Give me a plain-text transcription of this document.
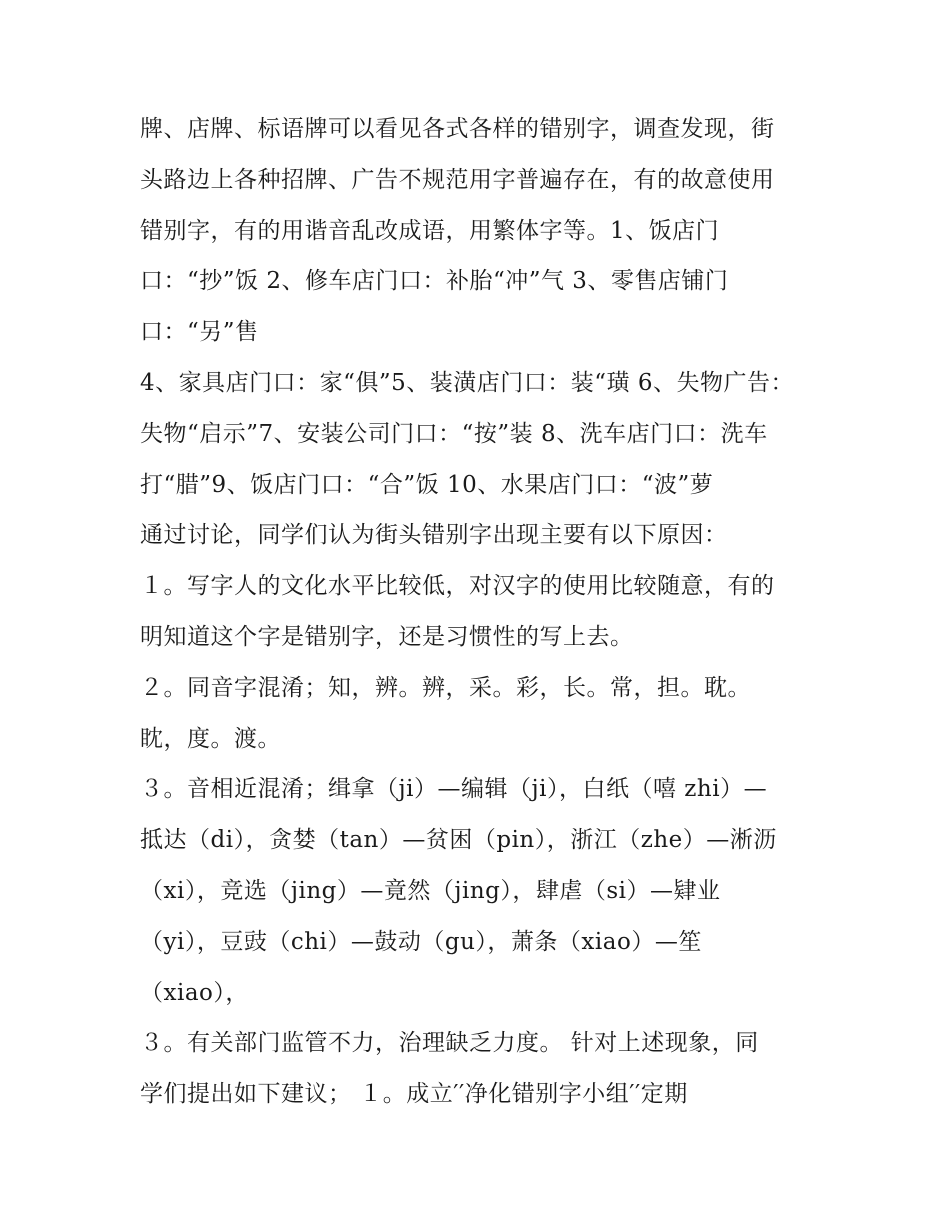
牌、店牌、标语牌可以看见各式各样的错别字，调查发现，街
头路边上各种招牌、广告不规范用字普遍存在，有的故意使用
错别字，有的用谐音乱改成语，用繁体字等。1、饭店门
口：“抄”饭 2、修车店门口：补胎“冲”气 3、零售店铺门
口：“另”售
4、家具店门口：家“俱”5、装潢店门口：装“璜 6、失物广告：
失物“启示”7、安装公司门口：“按”装 8、洗车店门口：洗车
打“腊”9、饭店门口：“合”饭 10、水果店门口：“波”萝
通过讨论，同学们认为街头错别字出现主要有以下原因：
１。写字人的文化水平比较低，对汉字的使用比较随意，有的
明知道这个字是错别字，还是习惯性的写上去。
２。同音字混淆；知，辨。辨，采。彩，长。常，担。耽。
眈，度。渡。
３。音相近混淆；缉拿（ji）—编辑（ji），白纸（嘻 zhi）—
抵达（di），贪婪（tan）—贫困（pin），浙江（zhe）—淅沥
（xi），竞选（jing）—竟然（jing），肆虐（si）—肄业
（yi），豆豉（chi）—鼓动（gu），萧条（xiao）—笙
（xiao），
３。有关部门监管不力，治理缺乏力度。 针对上述现象，同
学们提出如下建议； １。成立′′净化错别字小组′′定期
